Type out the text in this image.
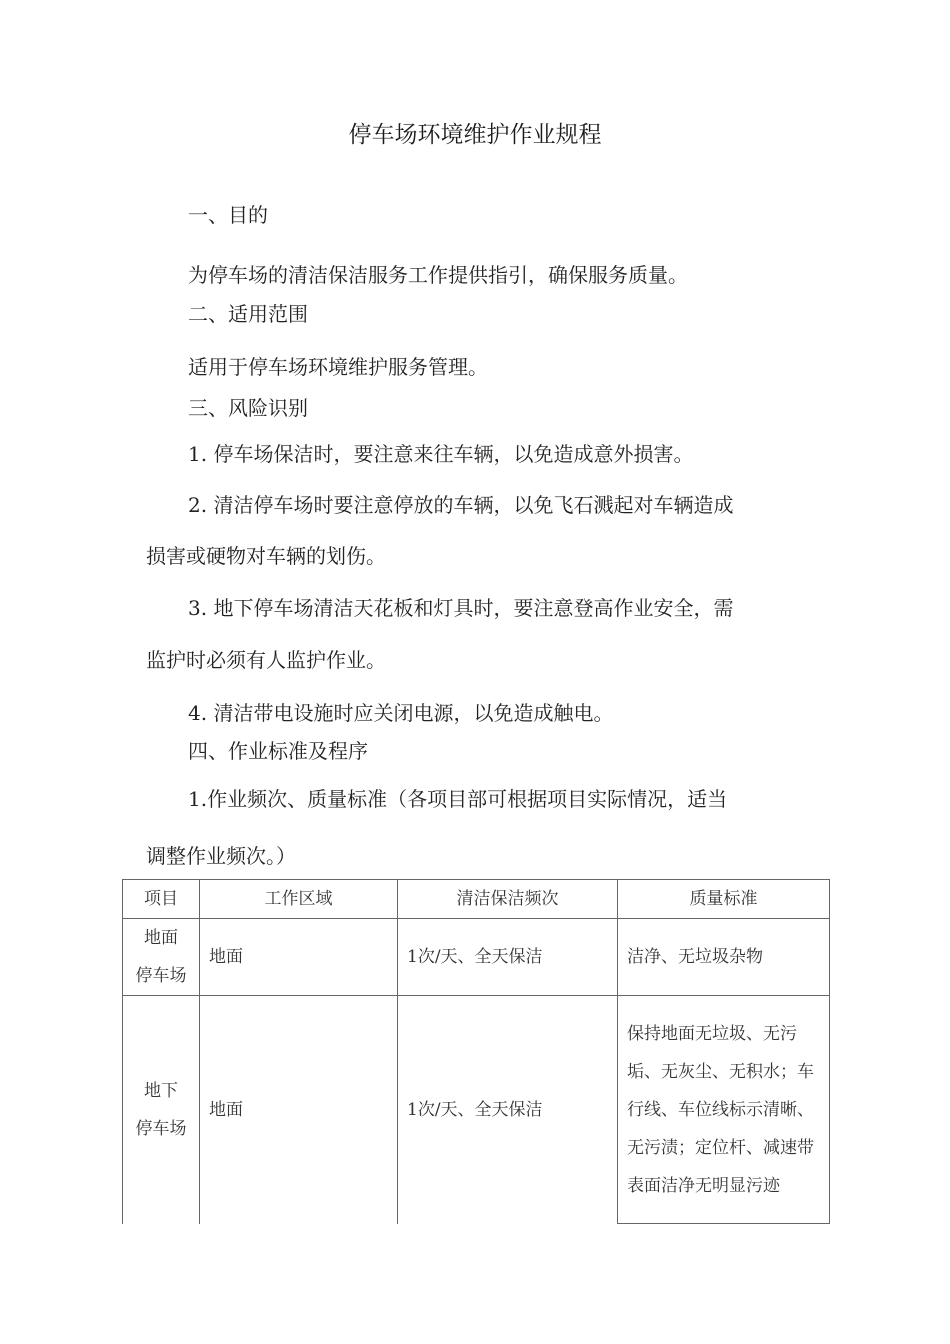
停车场环境维护作业规程
一、目的
为停车场的清洁保洁服务工作提供指引，确保服务质量。
二、适用范围
适用于停车场环境维护服务管理。
三、风险识别
1. 停车场保洁时，要注意来往车辆，以免造成意外损害。
2. 清洁停车场时要注意停放的车辆，以免飞石溅起对车辆造成
损害或硬物对车辆的划伤。
3. 地下停车场清洁天花板和灯具时，要注意登高作业安全，需
监护时必须有人监护作业。
4. 清洁带电设施时应关闭电源，以免造成触电。
四、作业标准及程序
1.作业频次、质量标准（各项目部可根据项目实际情况，适当
调整作业频次。）
项目	工作区域	清洁保洁频次	质量标准

地面
停车场	地面	1次/天、全天保洁	洁净、无垃圾杂物

地下
停车场	地面	1次/天、全天保洁	保持地面无垃圾、无污垢、无灰尘、无积水；车行线、车位线标示清晰、无污渍；定位杆、减速带表面洁净无明显污迹
